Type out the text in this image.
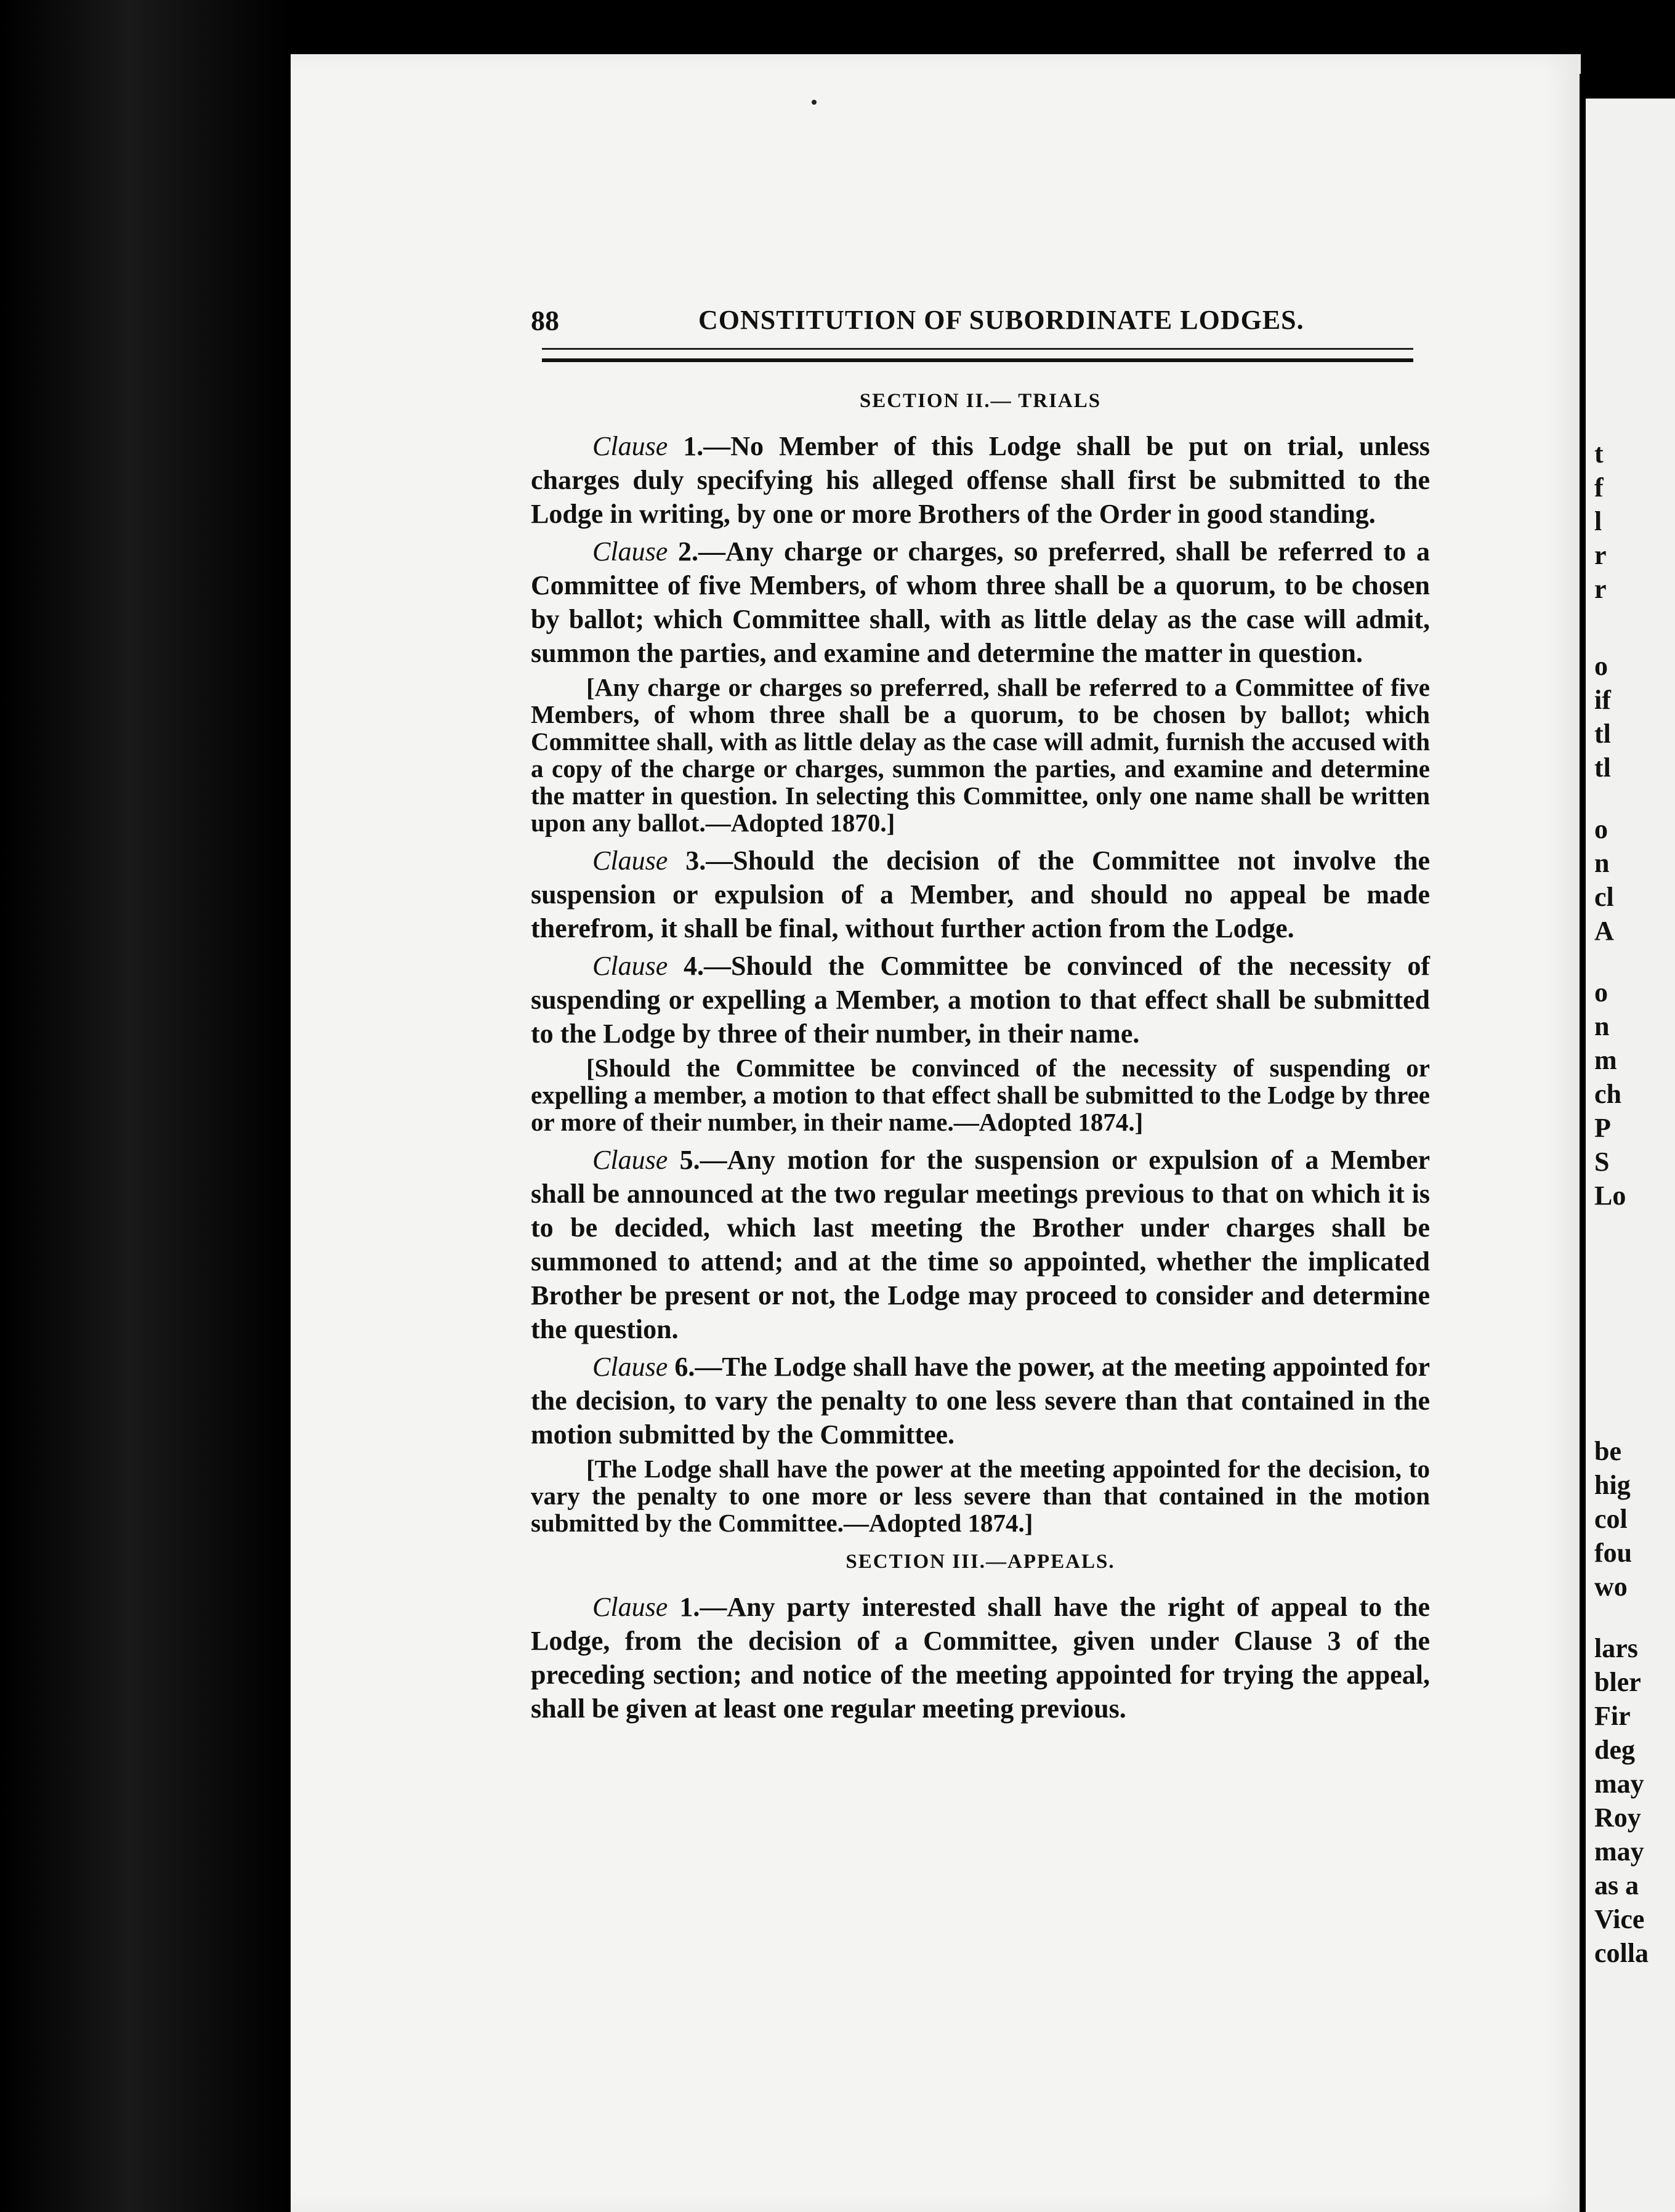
t
f
l
r
r
o
if
tl
tl
o
n
cl
A
o
n
m
ch
P
S
Lo
be
hig
col
fou
wo
lars
bler
Fir
deg
may
Roy
may
as a
Vice
colla
88	CONSTITUTION OF SUBORDINATE LODGES.
SECTION II.— TRIALS

Clause 1.—No Member of this Lodge shall be put on trial, unless charges duly specifying his alleged offense shall first be submitted to the Lodge in writing, by one or more Brothers of the Order in good standing.

Clause 2.—Any charge or charges, so preferred, shall be referred to a Committee of five Members, of whom three shall be a quorum, to be chosen by ballot; which Committee shall, with as little delay as the case will admit, summon the parties, and examine and determine the matter in question.

[Any charge or charges so preferred, shall be referred to a Committee of five Members, of whom three shall be a quorum, to be chosen by ballot; which Committee shall, with as little delay as the case will admit, furnish the accused with a copy of the charge or charges, summon the parties, and examine and determine the matter in question. In selecting this Committee, only one name shall be written upon any ballot.—Adopted 1870.]

Clause 3.—Should the decision of the Committee not involve the suspension or expulsion of a Member, and should no appeal be made therefrom, it shall be final, without further action from the Lodge.

Clause 4.—Should the Committee be convinced of the necessity of suspending or expelling a Member, a motion to that effect shall be submitted to the Lodge by three of their number, in their name.

[Should the Committee be convinced of the necessity of suspending or expelling a member, a motion to that effect shall be submitted to the Lodge by three or more of their number, in their name.—Adopted 1874.]

Clause 5.—Any motion for the suspension or expulsion of a Member shall be announced at the two regular meetings previous to that on which it is to be decided, which last meeting the Brother under charges shall be summoned to attend; and at the time so appointed, whether the implicated Brother be present or not, the Lodge may proceed to consider and determine the question.

Clause 6.—The Lodge shall have the power, at the meeting appointed for the decision, to vary the penalty to one less severe than that contained in the motion submitted by the Committee.

[The Lodge shall have the power at the meeting appointed for the decision, to vary the penalty to one more or less severe than that contained in the motion submitted by the Committee.—Adopted 1874.]

SECTION III.—APPEALS.

Clause 1.—Any party interested shall have the right of appeal to the Lodge, from the decision of a Committee, given under Clause 3 of the preceding section; and notice of the meeting appointed for trying the appeal, shall be given at least one regular meeting previous.
